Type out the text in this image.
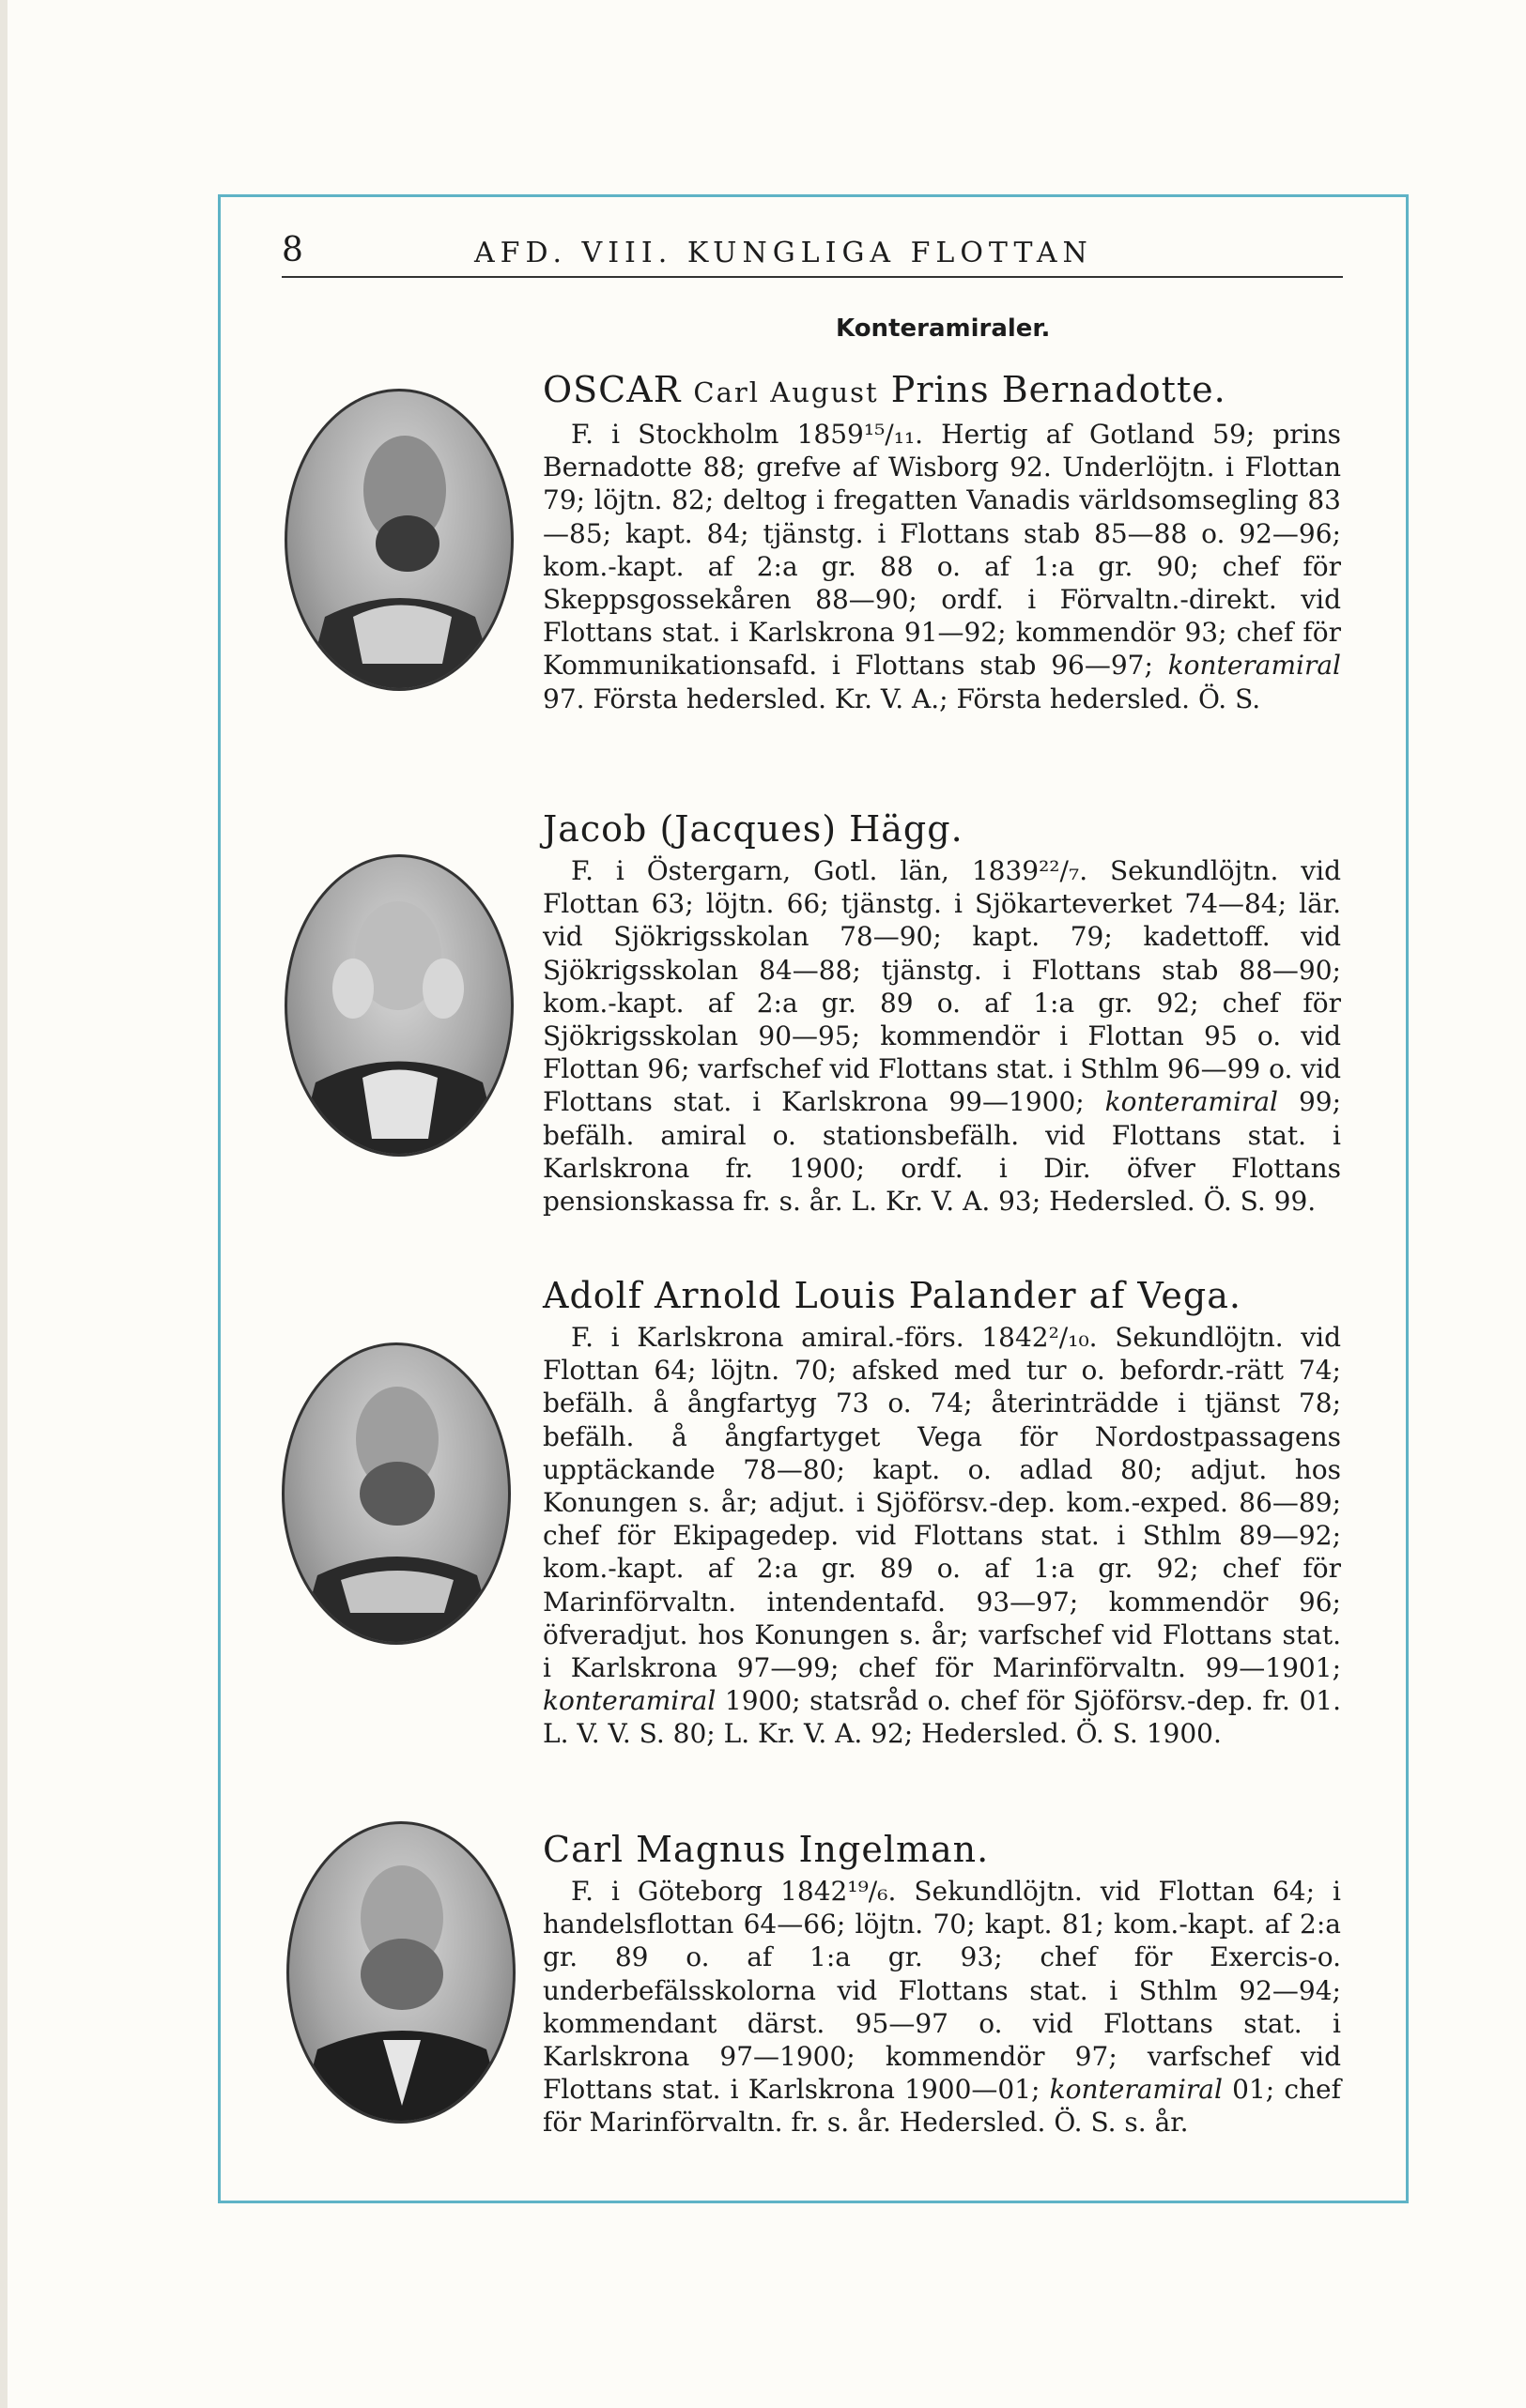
8	AFD. VIII. KUNGLIGA FLOTTAN
Konteramiraler.

OSCAR Carl August Prins Bernadotte.

F. i Stockholm 1859¹⁵/₁₁. Hertig af Gotland 59; prins Bernadotte 88; grefve af Wisborg 92. Underlöjtn. i Flottan 79; löjtn. 82; deltog i fregatten Vanadis världsomsegling 83—85; kapt. 84; tjänstg. i Flottans stab 85—88 o. 92—96; kom.-kapt. af 2:a gr. 88 o. af 1:a gr. 90; chef för Skeppsgossekåren 88—90; ordf. i Förvaltn.-direkt. vid Flottans stat. i Karlskrona 91—92; kommendör 93; chef för Kommunikationsafd. i Flottans stab 96—97; konteramiral 97. Första hedersled. Kr. V. A.; Första hedersled. Ö. S.

Jacob (Jacques) Hägg.

F. i Östergarn, Gotl. län, 1839²²/₇. Sekundlöjtn. vid Flottan 63; löjtn. 66; tjänstg. i Sjökarteverket 74—84; lär. vid Sjökrigsskolan 78—90; kapt. 79; kadettoff. vid Sjökrigsskolan 84—88; tjänstg. i Flottans stab 88—90; kom.-kapt. af 2:a gr. 89 o. af 1:a gr. 92; chef för Sjökrigsskolan 90—95; kommendör i Flottan 95 o. vid Flottan 96; varfschef vid Flottans stat. i Sthlm 96—99 o. vid Flottans stat. i Karlskrona 99—1900; konteramiral 99; befälh. amiral o. stationsbefälh. vid Flottans stat. i Karlskrona fr. 1900; ordf. i Dir. öfver Flottans pensionskassa fr. s. år. L. Kr. V. A. 93; Hedersled. Ö. S. 99.

Adolf Arnold Louis Palander af Vega.

F. i Karlskrona amiral.-förs. 1842²/₁₀. Sekundlöjtn. vid Flottan 64; löjtn. 70; afsked med tur o. befordr.-rätt 74; befälh. å ångfartyg 73 o. 74; återinträdde i tjänst 78; befälh. å ångfartyget Vega för Nordostpassagens upptäckande 78—80; kapt. o. adlad 80; adjut. hos Konungen s. år; adjut. i Sjöförsv.-dep. kom.-exped. 86—89; chef för Ekipagedep. vid Flottans stat. i Sthlm 89—92; kom.-kapt. af 2:a gr. 89 o. af 1:a gr. 92; chef för Marinförvaltn. intendentafd. 93—97; kommendör 96; öfveradjut. hos Konungen s. år; varfschef vid Flottans stat. i Karlskrona 97—99; chef för Marinförvaltn. 99—1901; konteramiral 1900; statsråd o. chef för Sjöförsv.-dep. fr. 01. L. V. V. S. 80; L. Kr. V. A. 92; Hedersled. Ö. S. 1900.

Carl Magnus Ingelman.

F. i Göteborg 1842¹⁹/₆. Sekundlöjtn. vid Flottan 64; i handelsflottan 64—66; löjtn. 70; kapt. 81; kom.-kapt. af 2:a gr. 89 o. af 1:a gr. 93; chef för Exercis-o. underbefälsskolorna vid Flottans stat. i Sthlm 92—94; kommendant därst. 95—97 o. vid Flottans stat. i Karlskrona 97—1900; kommendör 97; varfschef vid Flottans stat. i Karlskrona 1900—01; konteramiral 01; chef för Marinförvaltn. fr. s. år. Hedersled. Ö. S. s. år.
